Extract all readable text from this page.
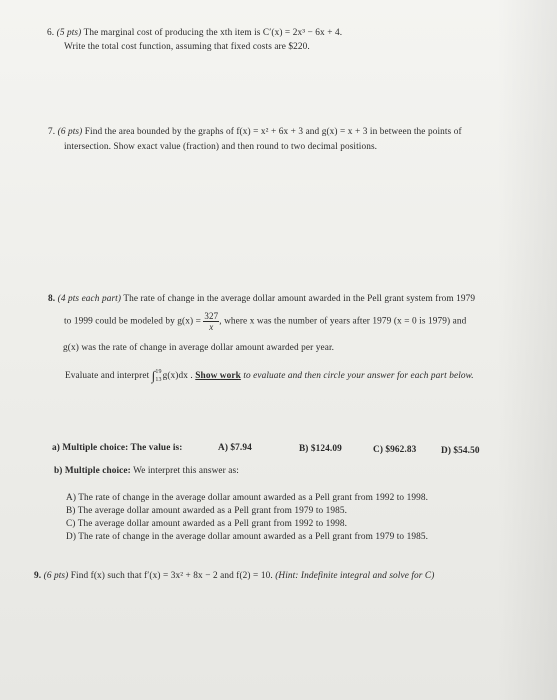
6. (5 pts) The marginal cost of producing the xth item is C′(x) = 2x³ − 6x + 4.
Write the total cost function, assuming that fixed costs are $220.
7. (6 pts) Find the area bounded by the graphs of f(x) = x² + 6x + 3 and g(x) = x + 3 in between the points of
intersection. Show exact value (fraction) and then round to two decimal positions.
8. (4 pts each part) The rate of change in the average dollar amount awarded in the Pell grant system from 1979
to 1999 could be modeled by $g(x) = \frac{327}{x}$ , where x was the number of years after 1979 (x = 0 is 1979) and
g(x) was the rate of change in average dollar amount awarded per year.
Evaluate and interpret ∫ 19
13 g(x)dx . Show work to evaluate and then circle your answer for each part below.
a) Multiple choice: The value is:	A) $7.94	B) $124.09	C) $962.83	D) $54.50
b) Multiple choice: We interpret this answer as:
A) The rate of change in the average dollar amount awarded as a Pell grant from 1992 to 1998.
B) The average dollar amount awarded as a Pell grant from 1979 to 1985.
C) The average dollar amount awarded as a Pell grant from 1992 to 1998.
D) The rate of change in the average dollar amount awarded as a Pell grant from 1979 to 1985.
9. (6 pts) Find f(x) such that f′(x) = 3x² + 8x − 2 and f(2) = 10. (Hint: Indefinite integral and solve for C)
